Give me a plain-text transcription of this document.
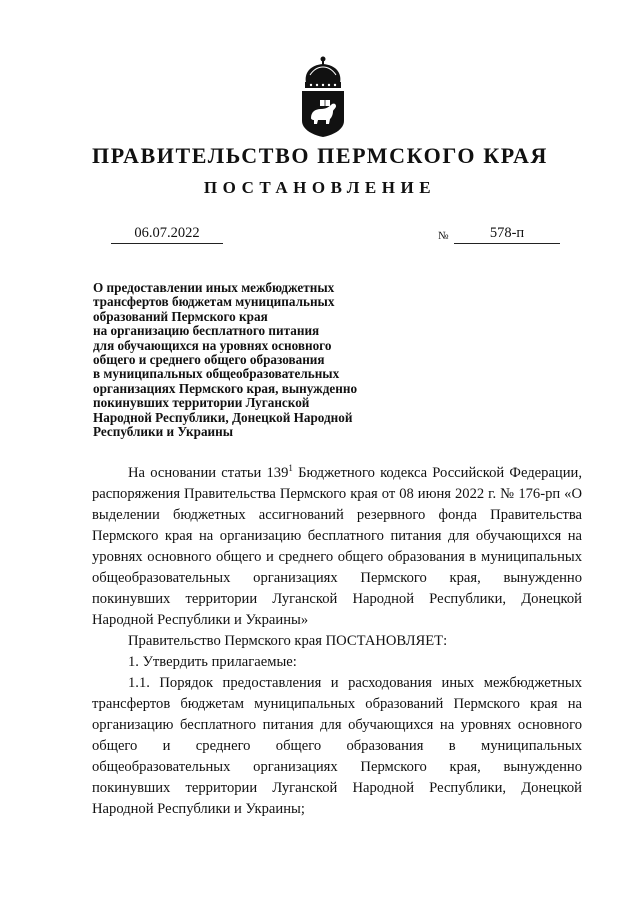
ПРАВИТЕЛЬСТВО ПЕРМСКОГО КРАЯ
ПОСТАНОВЛЕНИЕ
06.07.2022	№	578-п
О предоставлении иных межбюджетных
трансфертов бюджетам муниципальных
образований Пермского края
на организацию бесплатного питания
для обучающихся на уровнях основного
общего и среднего общего образования
в муниципальных общеобразовательных
организациях Пермского края, вынужденно
покинувших территории Луганской
Народной Республики, Донецкой Народной
Республики и Украины

На основании статьи $139^1$ Бюджетного кодекса Российской Федерации, распоряжения Правительства Пермского края от 08 июня 2022 г. № 176-рп «О выделении бюджетных ассигнований резервного фонда Правительства Пермского края на организацию бесплатного питания для обучающихся на уровнях основного общего и среднего общего образования в муниципальных общеобразовательных организациях Пермского края, вынужденно покинувших территории Луганской Народной Республики, Донецкой Народной Республики и Украины»

Правительство Пермского края ПОСТАНОВЛЯЕТ:

1. Утвердить прилагаемые:

1.1. Порядок предоставления и расходования иных межбюджетных трансфертов бюджетам муниципальных образований Пермского края на организацию бесплатного питания для обучающихся на уровнях основного общего и среднего общего образования в муниципальных общеобразовательных организациях Пермского края, вынужденно покинувших территории Луганской Народной Республики, Донецкой Народной Республики и Украины;
